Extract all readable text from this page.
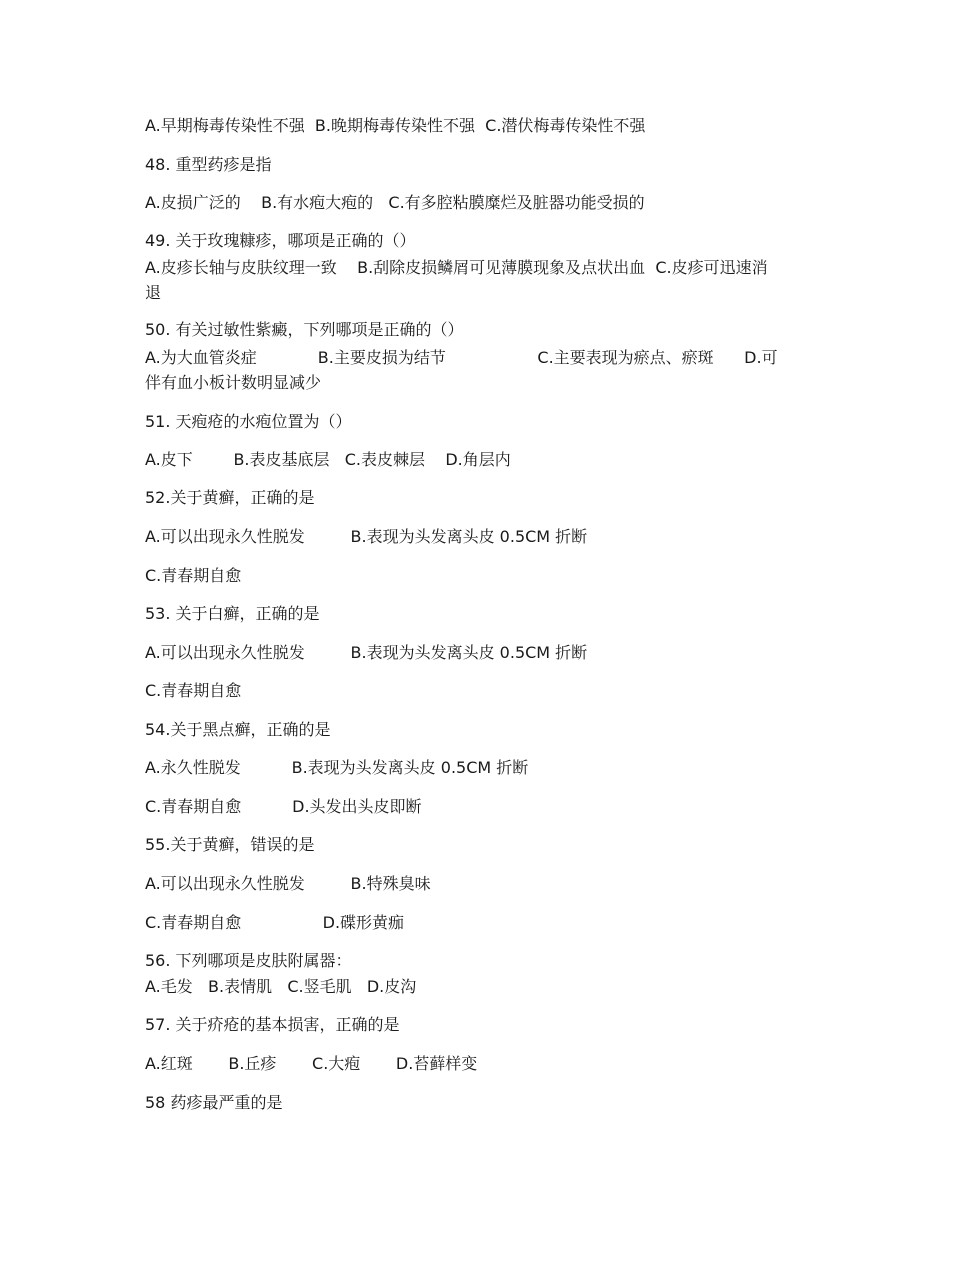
A.早期梅毒传染性不强  B.晚期梅毒传染性不强  C.潜伏梅毒传染性不强

48. 重型药疹是指

A.皮损广泛的    B.有水疱大疱的   C.有多腔粘膜糜烂及脏器功能受损的

49. 关于玫瑰糠疹，哪项是正确的（）

A.皮疹长轴与皮肤纹理一致    B.刮除皮损鳞屑可见薄膜现象及点状出血  C.皮疹可迅速消

退

50. 有关过敏性紫癜，下列哪项是正确的（）

A.为大血管炎症            B.主要皮损为结节                  C.主要表现为瘀点、瘀斑      D.可

伴有血小板计数明显减少

51. 天疱疮的水疱位置为（）

A.皮下        B.表皮基底层   C.表皮棘层    D.角层内

52.关于黄癣，正确的是

A.可以出现永久性脱发         B.表现为头发离头皮 0.5CM 折断

C.青春期自愈

53. 关于白癣，正确的是

A.可以出现永久性脱发         B.表现为头发离头皮 0.5CM 折断

C.青春期自愈

54.关于黑点癣，正确的是

A.永久性脱发          B.表现为头发离头皮 0.5CM 折断

C.青春期自愈          D.头发出头皮即断

55.关于黄癣，错误的是

A.可以出现永久性脱发         B.特殊臭味

C.青春期自愈                D.碟形黄痂

56. 下列哪项是皮肤附属器：

A.毛发   B.表情肌   C.竖毛肌   D.皮沟

57. 关于疥疮的基本损害，正确的是

A.红斑       B.丘疹       C.大疱       D.苔藓样变

58 药疹最严重的是
